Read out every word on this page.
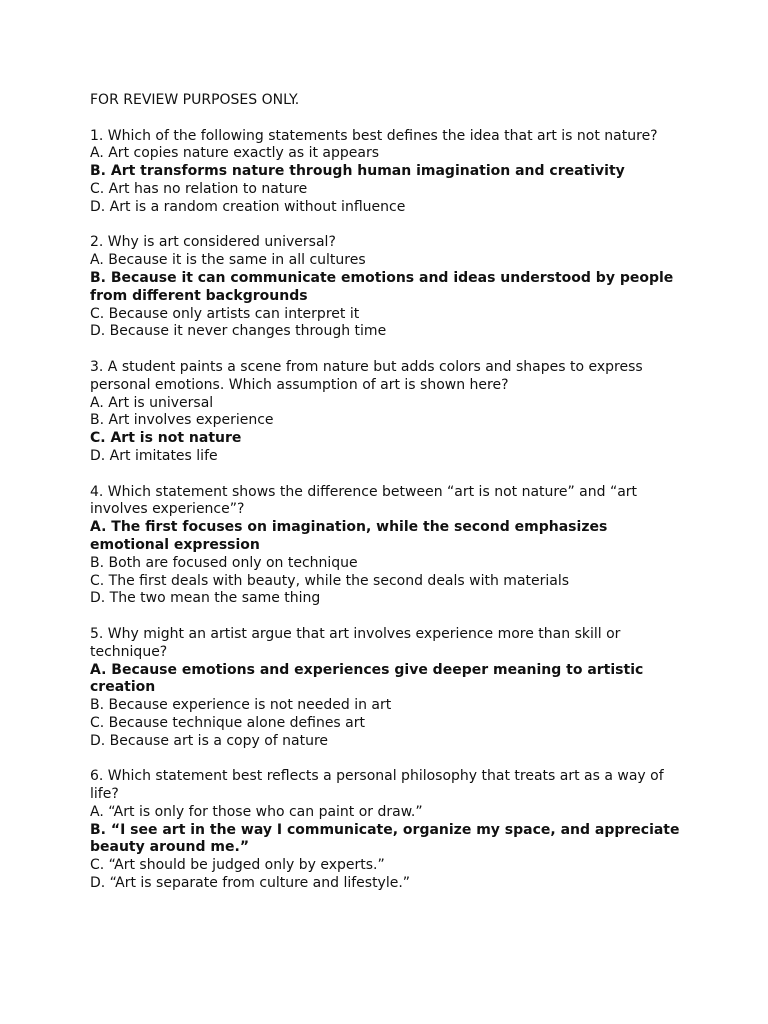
FOR REVIEW PURPOSES ONLY.

1. Which of the following statements best defines the idea that art is not nature?

A. Art copies nature exactly as it appears
B. Art transforms nature through human imagination and creativity
C. Art has no relation to nature
D. Art is a random creation without influence

2. Why is art considered universal?

A. Because it is the same in all cultures
B. Because it can communicate emotions and ideas understood by people from different backgrounds
C. Because only artists can interpret it
D. Because it never changes through time

3. A student paints a scene from nature but adds colors and shapes to express personal emotions. Which assumption of art is shown here?

A. Art is universal
B. Art involves experience
C. Art is not nature
D. Art imitates life

4. Which statement shows the difference between “art is not nature” and “art involves experience”?

A. The first focuses on imagination, while the second emphasizes emotional expression
B. Both are focused only on technique
C. The first deals with beauty, while the second deals with materials
D. The two mean the same thing

5. Why might an artist argue that art involves experience more than skill or technique?

A. Because emotions and experiences give deeper meaning to artistic creation
B. Because experience is not needed in art
C. Because technique alone defines art
D. Because art is a copy of nature

6. Which statement best reflects a personal philosophy that treats art as a way of life?

A. “Art is only for those who can paint or draw.”
B. “I see art in the way I communicate, organize my space, and appreciate beauty around me.”
C. “Art should be judged only by experts.”
D. “Art is separate from culture and lifestyle.”
